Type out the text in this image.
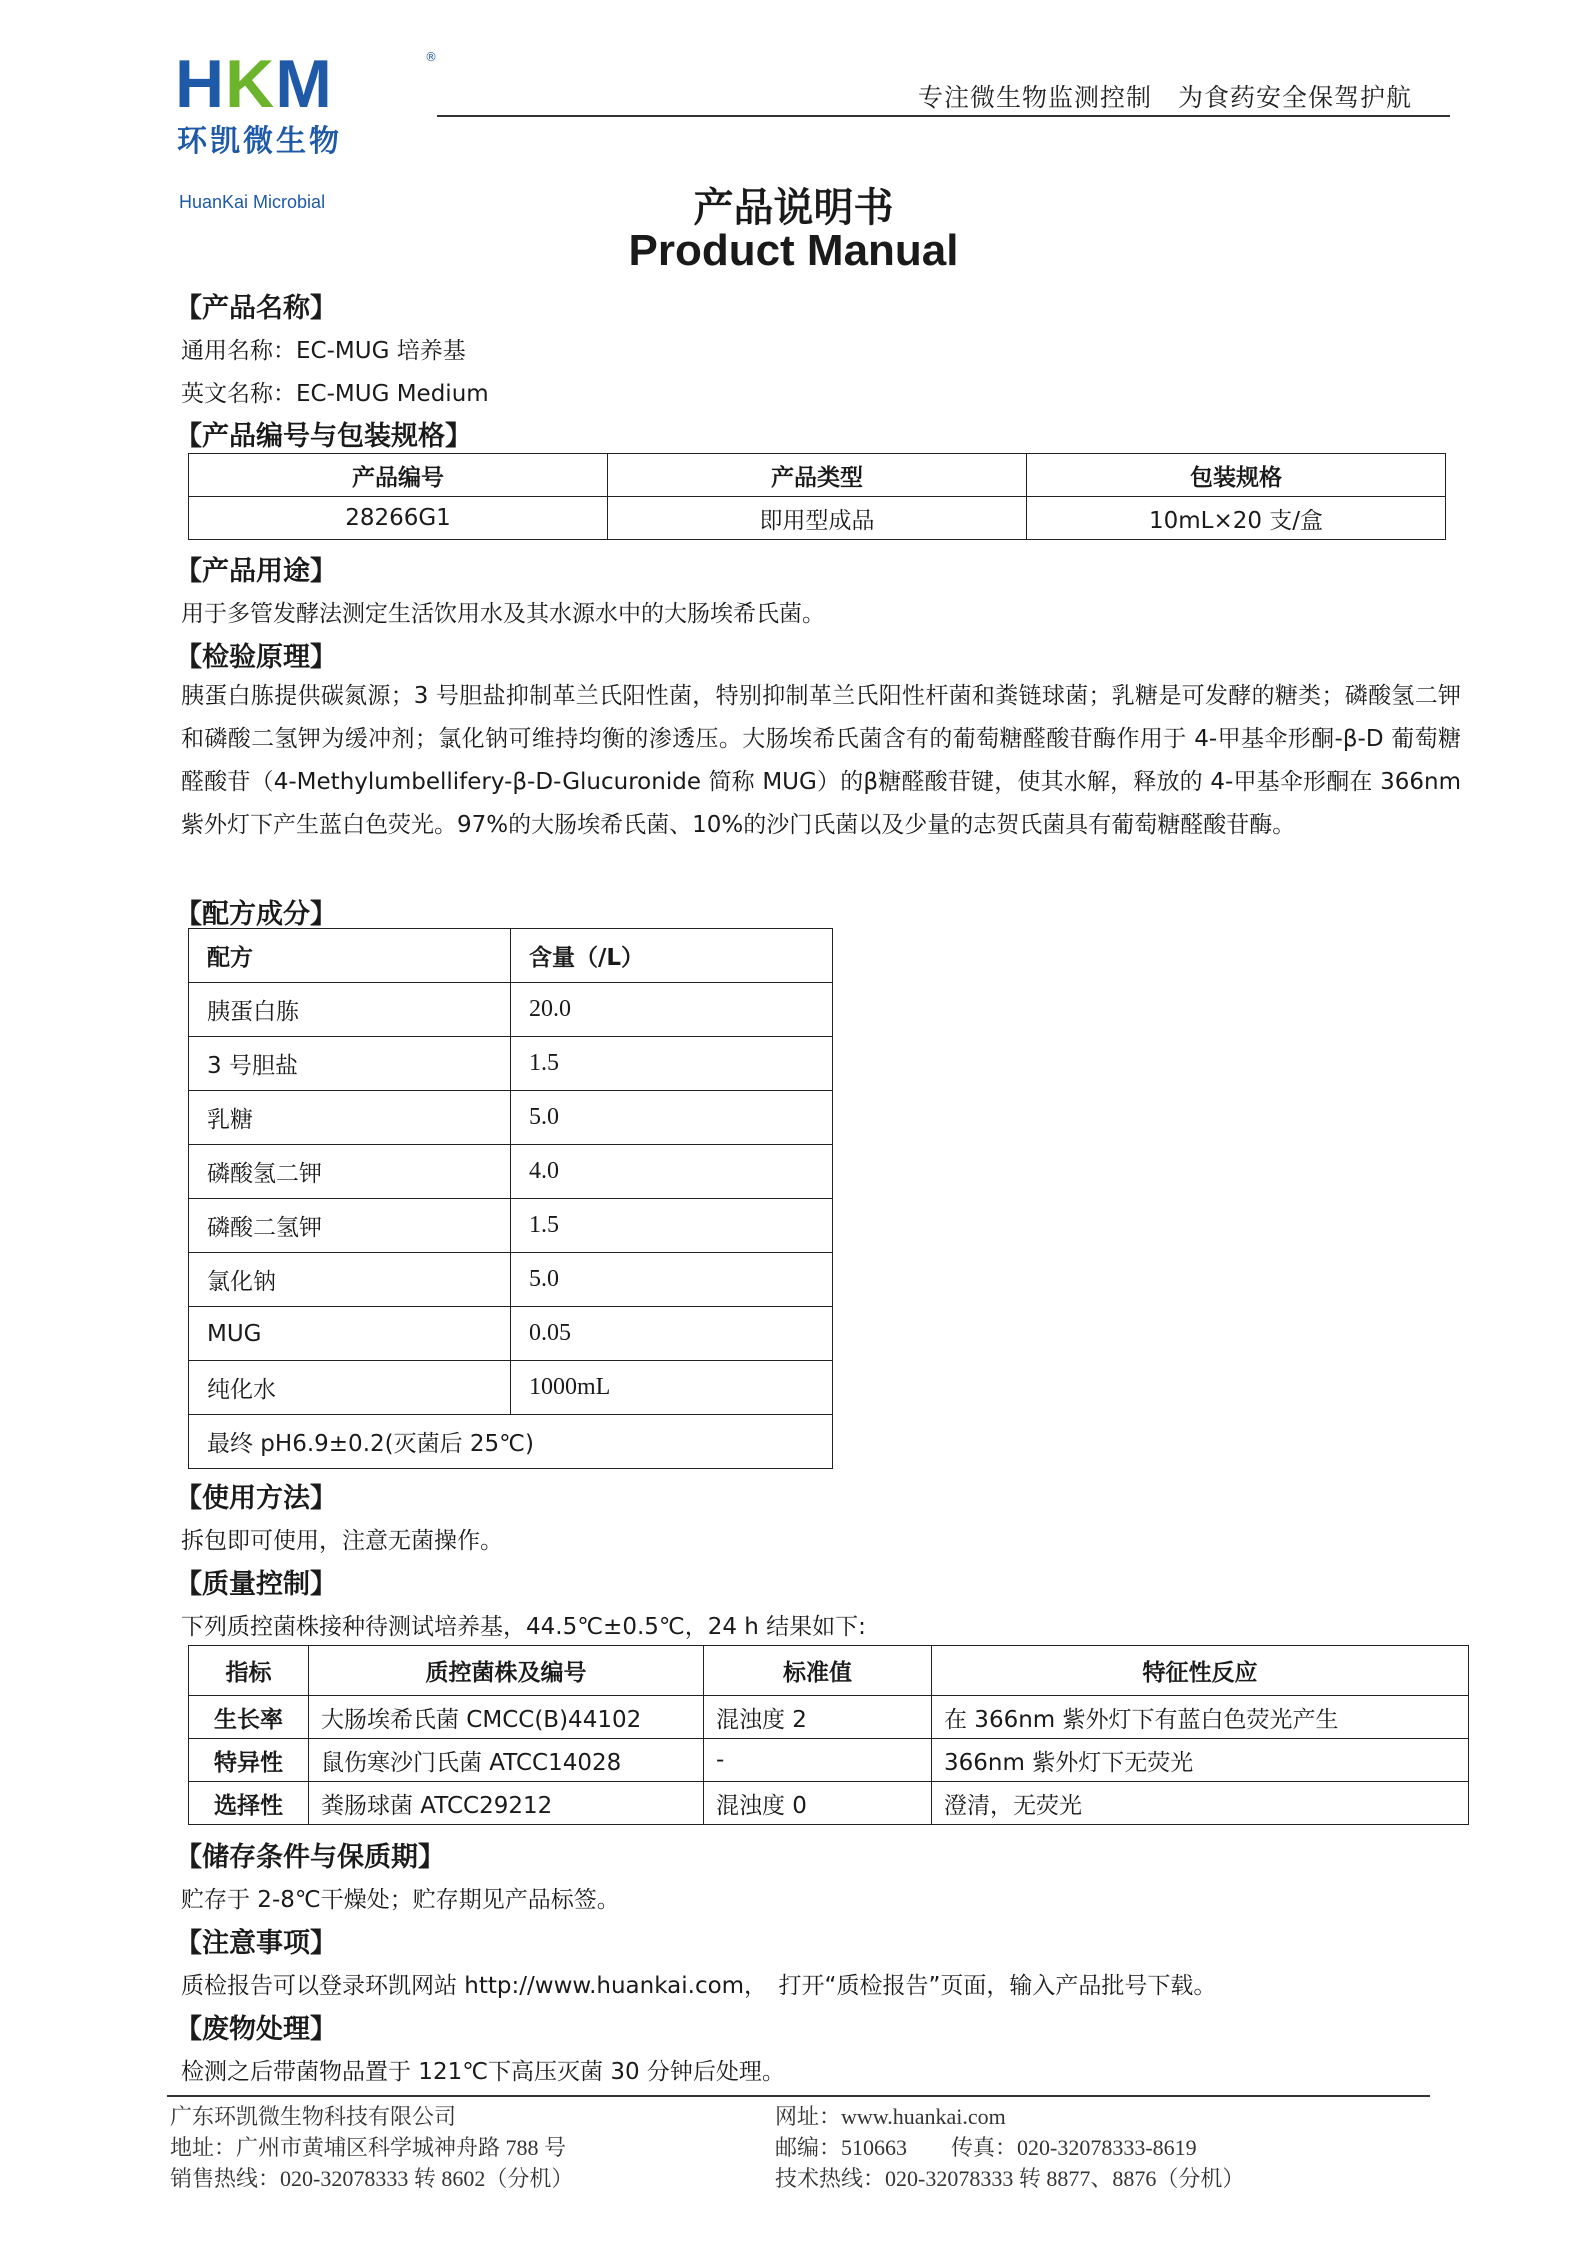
HKM	®
环凯微生物
HuanKai Microbial
专注微生物监测控制　为食药安全保驾护航
产品说明书
Product Manual
【产品名称】
通用名称：EC-MUG 培养基
英文名称：EC-MUG Medium
【产品编号与包装规格】
产品编号	产品类型	包装规格
28266G1	即用型成品	10mL×20 支/盒
【产品用途】
用于多管发酵法测定生活饮用水及其水源水中的大肠埃希氏菌。
【检验原理】
胰蛋白胨提供碳氮源；3 号胆盐抑制革兰氏阳性菌，特别抑制革兰氏阳性杆菌和粪链球菌；乳糖是可发酵的糖类；磷酸氢二钾和磷酸二氢钾为缓冲剂；氯化钠可维持均衡的渗透压。大肠埃希氏菌含有的葡萄糖醛酸苷酶作用于 4-甲基伞形酮-β-D 葡萄糖醛酸苷（4-Methylumbellifery-β-D-Glucuronide 简称 MUG）的β糖醛酸苷键，使其水解，释放的 4-甲基伞形酮在 366nm 紫外灯下产生蓝白色荧光。97%的大肠埃希氏菌、10%的沙门氏菌以及少量的志贺氏菌具有葡萄糖醛酸苷酶。
【配方成分】
配方	含量（/L）
胰蛋白胨	20.0
3 号胆盐	1.5
乳糖	5.0
磷酸氢二钾	4.0
磷酸二氢钾	1.5
氯化钠	5.0
MUG	0.05
纯化水	1000mL
最终 pH6.9±0.2(灭菌后 25℃)	
【使用方法】
拆包即可使用，注意无菌操作。
【质量控制】
下列质控菌株接种待测试培养基，44.5℃±0.5℃，24 h 结果如下:
指标	质控菌株及编号	标准值	特征性反应
生长率	大肠埃希氏菌 CMCC(B)44102	混浊度 2	在 366nm 紫外灯下有蓝白色荧光产生
特异性	鼠伤寒沙门氏菌 ATCC14028	-	366nm 紫外灯下无荧光
选择性	粪肠球菌 ATCC29212	混浊度 0	澄清，无荧光
【储存条件与保质期】
贮存于 2-8℃干燥处；贮存期见产品标签。
【注意事项】
质检报告可以登录环凯网站 http://www.huankai.com，　打开“质检报告”页面，输入产品批号下载。
【废物处理】
检测之后带菌物品置于 121℃下高压灭菌 30 分钟后处理。
广东环凯微生物科技有限公司
地址：广州市黄埔区科学城神舟路 788 号
销售热线：020-32078333 转 8602（分机）
网址：www.huankai.com
邮编：510663　　传真：020-32078333-8619
技术热线：020-32078333 转 8877、8876（分机）
